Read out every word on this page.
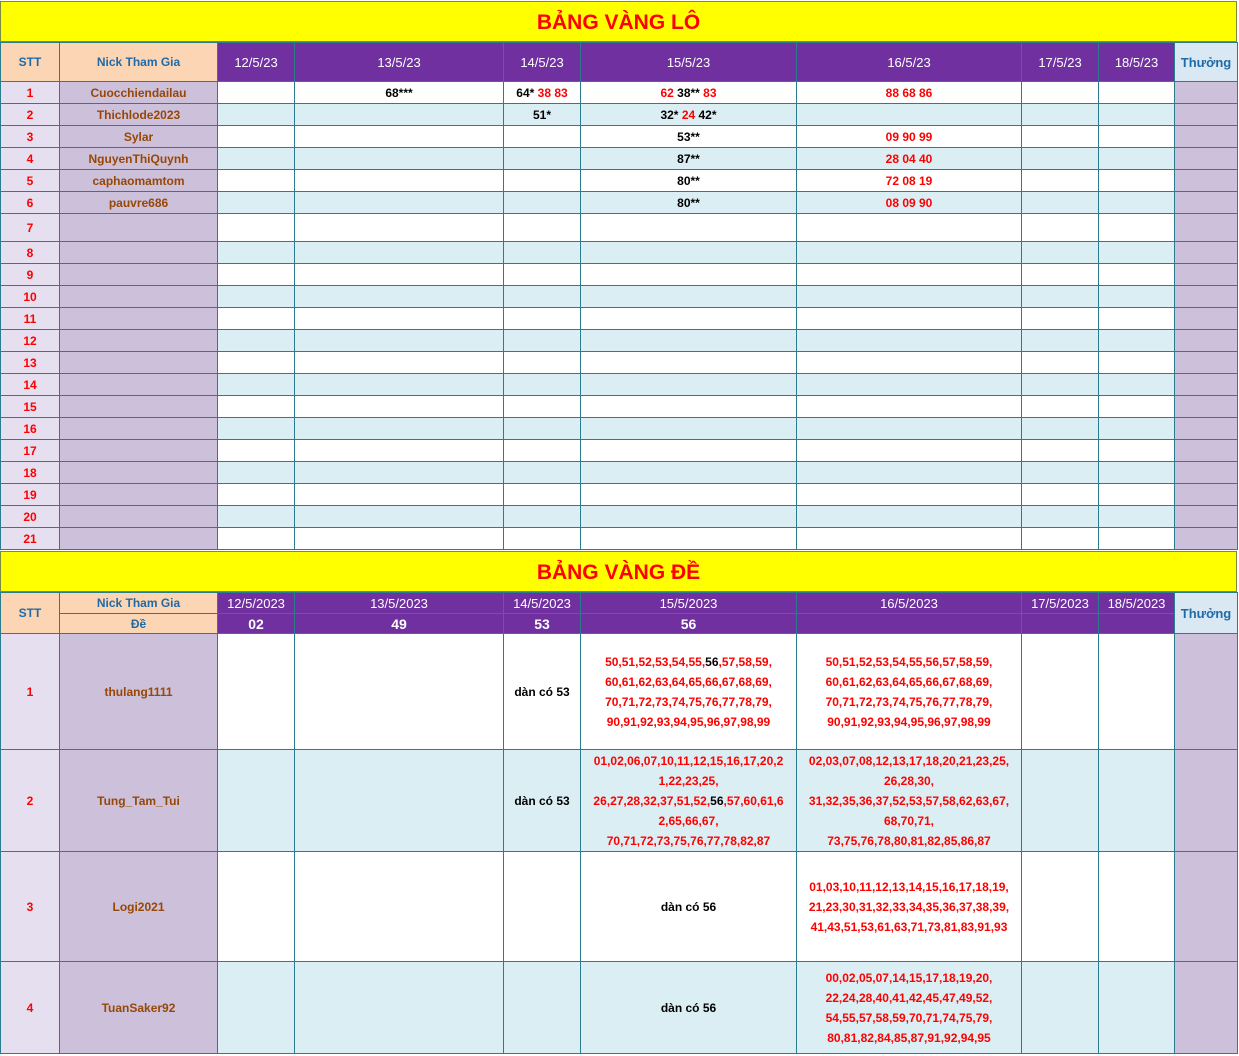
BẢNG VÀNG LÔ
STT	Nick Tham Gia	12/5/23	13/5/23	14/5/23	15/5/23	16/5/23	17/5/23	18/5/23	Thưởng
1	Cuocchiendailau		68***	64* 38 83	62 38** 83	88 68 86			
2	Thichlode2023			51*	32* 24 42*				
3	Sylar				53**	09 90 99			
4	NguyenThiQuynh				87**	28 04 40			
5	caphaomamtom				80**	72 08 19			
6	pauvre686				80**	08 09 90			
7									
8									
9									
10									
11									
12									
13									
14									
15									
16									
17									
18									
19									
20									
21									
BẢNG VÀNG ĐỀ
STT	Nick Tham Gia	12/5/2023	13/5/2023	14/5/2023	15/5/2023	16/5/2023	17/5/2023	18/5/2023	Thưởng
	Đề	02	49	53	56				
1	thulang1111			dàn có 53	50,51,52,53,54,55,56,57,58,59,
60,61,62,63,64,65,66,67,68,69,
70,71,72,73,74,75,76,77,78,79,
90,91,92,93,94,95,96,97,98,99	50,51,52,53,54,55,56,57,58,59,
60,61,62,63,64,65,66,67,68,69,
70,71,72,73,74,75,76,77,78,79,
90,91,92,93,94,95,96,97,98,99			
2	Tung_Tam_Tui			dàn có 53	01,02,06,07,10,11,12,15,16,17,20,2
1,22,23,25,
26,27,28,32,37,51,52,56,57,60,61,6
2,65,66,67,
70,71,72,73,75,76,77,78,82,87	02,03,07,08,12,13,17,18,20,21,23,25,
26,28,30,
31,32,35,36,37,52,53,57,58,62,63,67,
68,70,71,
73,75,76,78,80,81,82,85,86,87			
3	Logi2021				dàn có 56	01,03,10,11,12,13,14,15,16,17,18,19,
21,23,30,31,32,33,34,35,36,37,38,39,
41,43,51,53,61,63,71,73,81,83,91,93			
4	TuanSaker92				dàn có 56	00,02,05,07,14,15,17,18,19,20,
22,24,28,40,41,42,45,47,49,52,
54,55,57,58,59,70,71,74,75,79,
80,81,82,84,85,87,91,92,94,95			
